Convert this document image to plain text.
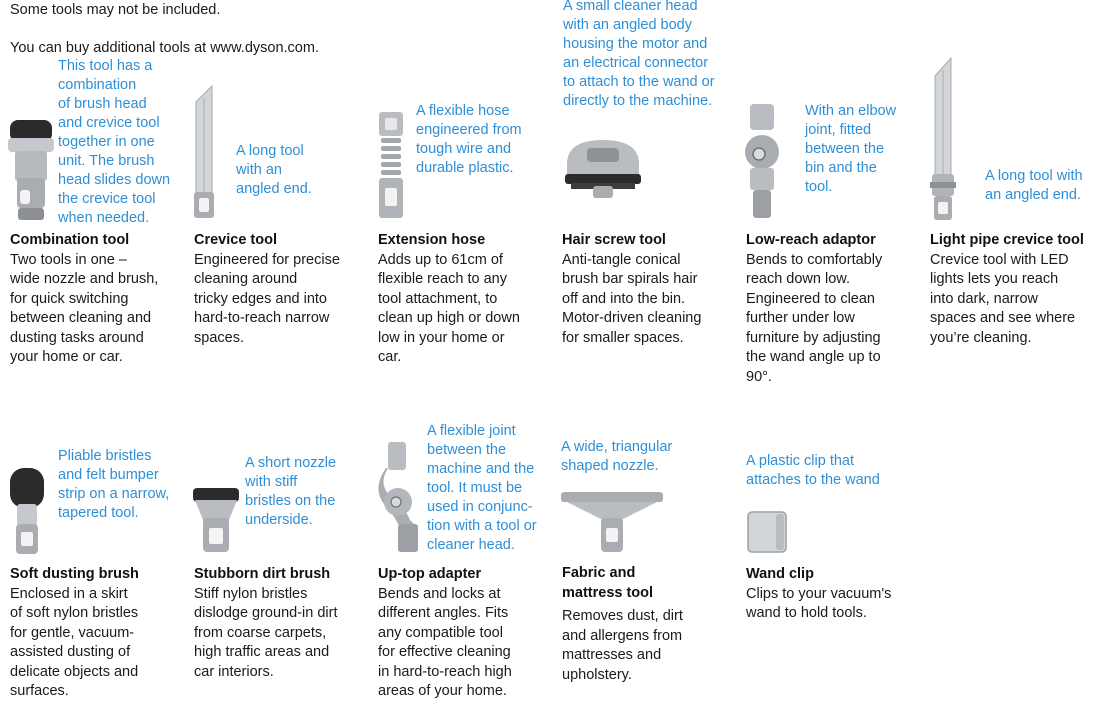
Some tools may not be included.
You can buy additional tools at www.dyson.com.
This tool has a
combination
of brush head
and crevice tool
together in one
unit. The brush
head slides down
the crevice tool
when needed.
Combination tool
Two tools in one –
wide nozzle and brush,
for quick switching
between cleaning and
dusting tasks around
your home or car.
A long tool
with an
angled end.
Crevice tool
Engineered for precise
cleaning around
tricky edges and into
hard-to-reach narrow
spaces.
A flexible hose
engineered from
tough wire and
durable plastic.
Extension hose
Adds up to 61cm of
flexible reach to any
tool attachment, to
clean up high or down
low in your home or
car.
A small cleaner head
with an angled body
housing the motor and
an electrical connector
to attach to the wand or
directly to the machine.
Hair screw tool
Anti-tangle conical
brush bar spirals hair
off and into the bin.
Motor-driven cleaning
for smaller spaces.
With an elbow
joint, fitted
between the
bin and the
tool.
Low-reach adaptor
Bends to comfortably
reach down low.
Engineered to clean
further under low
furniture by adjusting
the wand angle up to
90°.
A long tool with
an angled end.
Light pipe crevice tool
Crevice tool with LED
lights lets you reach
into dark, narrow
spaces and see where
you’re cleaning.
Pliable bristles
and felt bumper
strip on a narrow,
tapered tool.
Soft dusting brush
Enclosed in a skirt
of soft nylon bristles
for gentle, vacuum-
assisted dusting of
delicate objects and
surfaces.
A short nozzle
with stiff
bristles on the
underside.
Stubborn dirt brush
Stiff nylon bristles
dislodge ground-in dirt
from coarse carpets,
high traffic areas and
car interiors.
A flexible joint
between the
machine and the
tool. It must be
used in conjunc-
tion with a tool or
cleaner head.
Up-top adapter
Bends and locks at
different angles. Fits
any compatible tool
for effective cleaning
in hard-to-reach high
areas of your home.
A wide, triangular
shaped nozzle.
Fabric and
mattress tool
Removes dust, dirt
and allergens from
mattresses and
upholstery.
A plastic clip that
attaches to the wand
Wand clip
Clips to your vacuum's
wand to hold tools.
